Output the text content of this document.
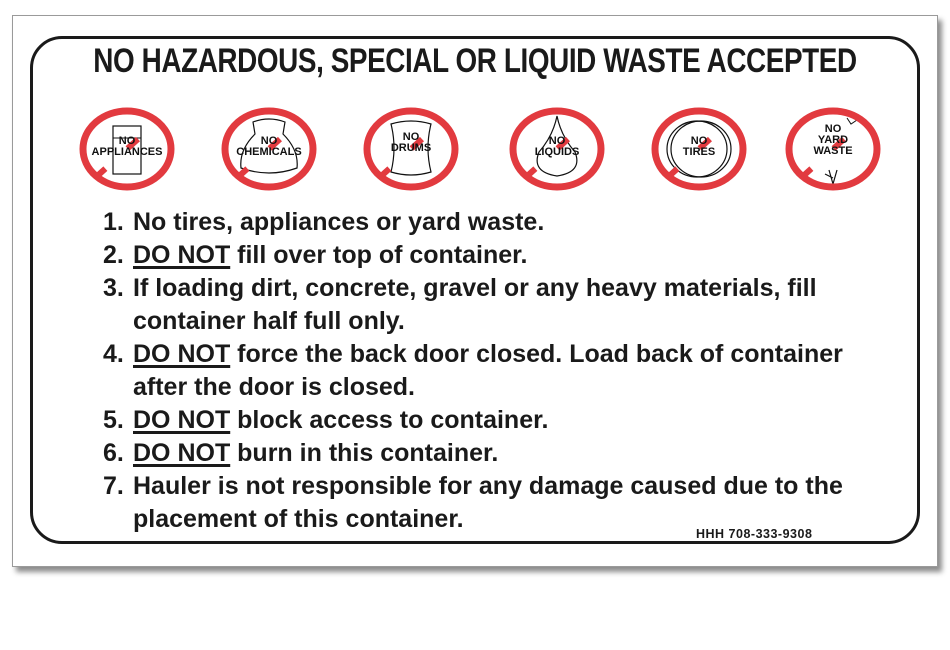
NO HAZARDOUS, SPECIAL OR LIQUID WASTE ACCEPTED
NO
APPLIANCES
NO
CHEMICALS
NO
DRUMS
NO
LIQUIDS
NO
TIRES
NO
YARD
WASTE
1. No tires, appliances or yard waste.
2. DO NOT fill over top of container.
3. If loading dirt, concrete, gravel or any heavy materials, fill container half full only.
4. DO NOT force the back door closed. Load back of container after the door is closed.
5. DO NOT block access to container.
6. DO NOT burn in this container.
7. Hauler is not responsible for any damage caused due to the placement of this container.
HHH 708-333-9308
